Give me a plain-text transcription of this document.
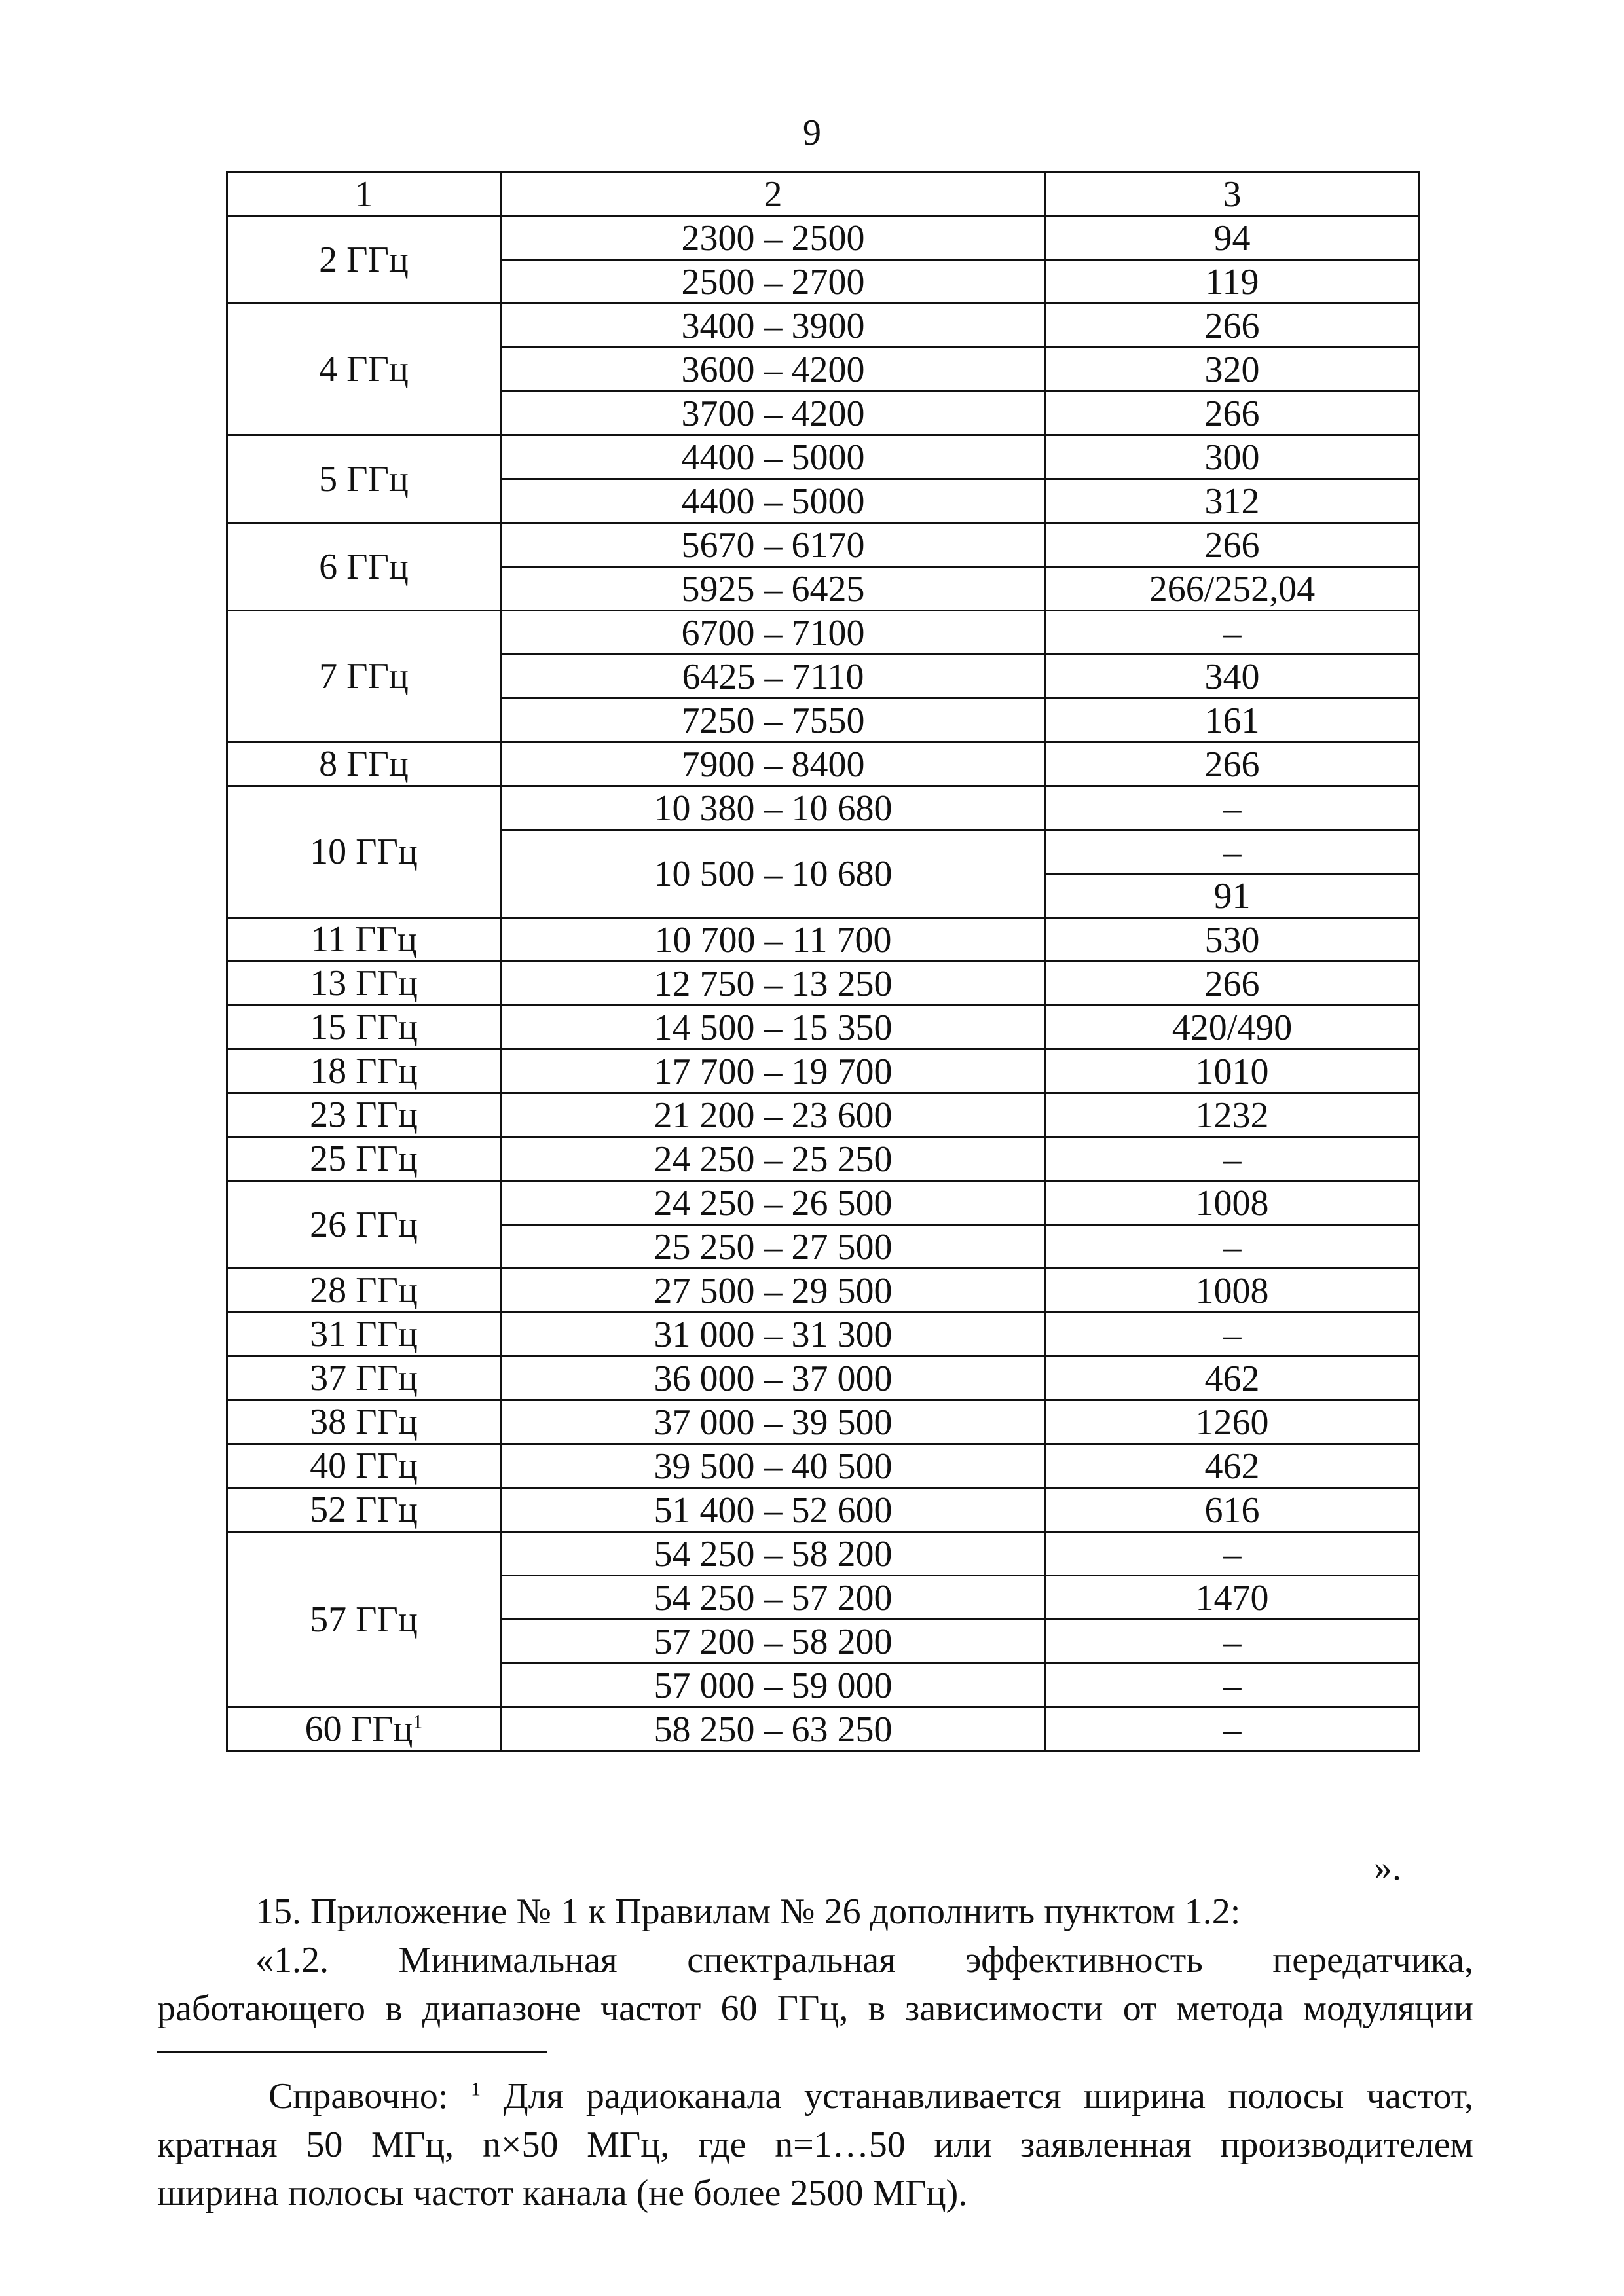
9
1	2	3
2 ГГц	2300 – 2500	94
	2500 – 2700	119
4 ГГц	3400 – 3900	266
	3600 – 4200	320
	3700 – 4200	266
5 ГГц	4400 – 5000	300
	4400 – 5000	312
6 ГГц	5670 – 6170	266
	5925 – 6425	266/252,04
7 ГГц	6700 – 7100	–
	6425 – 7110	340
	7250 – 7550	161
8 ГГц	7900 – 8400	266
10 ГГц	10 380 – 10 680	–
	10 500 – 10 680	–
		91
11 ГГц	10 700 – 11 700	530
13 ГГц	12 750 – 13 250	266
15 ГГц	14 500 – 15 350	420/490
18 ГГц	17 700 – 19 700	1010
23 ГГц	21 200 – 23 600	1232
25 ГГц	24 250 – 25 250	–
26 ГГц	24 250 – 26 500	1008
	25 250 – 27 500	–
28 ГГц	27 500 – 29 500	1008
31 ГГц	31 000 – 31 300	–
37 ГГц	36 000 – 37 000	462
38 ГГц	37 000 – 39 500	1260
40 ГГц	39 500 – 40 500	462
52 ГГц	51 400 – 52 600	616
57 ГГц	54 250 – 58 200	–
	54 250 – 57 200	1470
	57 200 – 58 200	–
	57 000 – 59 000	–
60 ГГц$^1$	58 250 – 63 250	–
».

15. Приложение № 1 к Правилам № 26 дополнить пунктом 1.2:

«1.2. Минимальная спектральная эффективность передатчика,

работающего в диапазоне частот 60 ГГц, в зависимости от метода модуляции

Справочно: $^1$ Для радиоканала устанавливается ширина полосы частот,
кратная 50 МГц, n×50 МГц, где n=1…50 или заявленная производителем
ширина полосы частот канала (не более 2500 МГц).
